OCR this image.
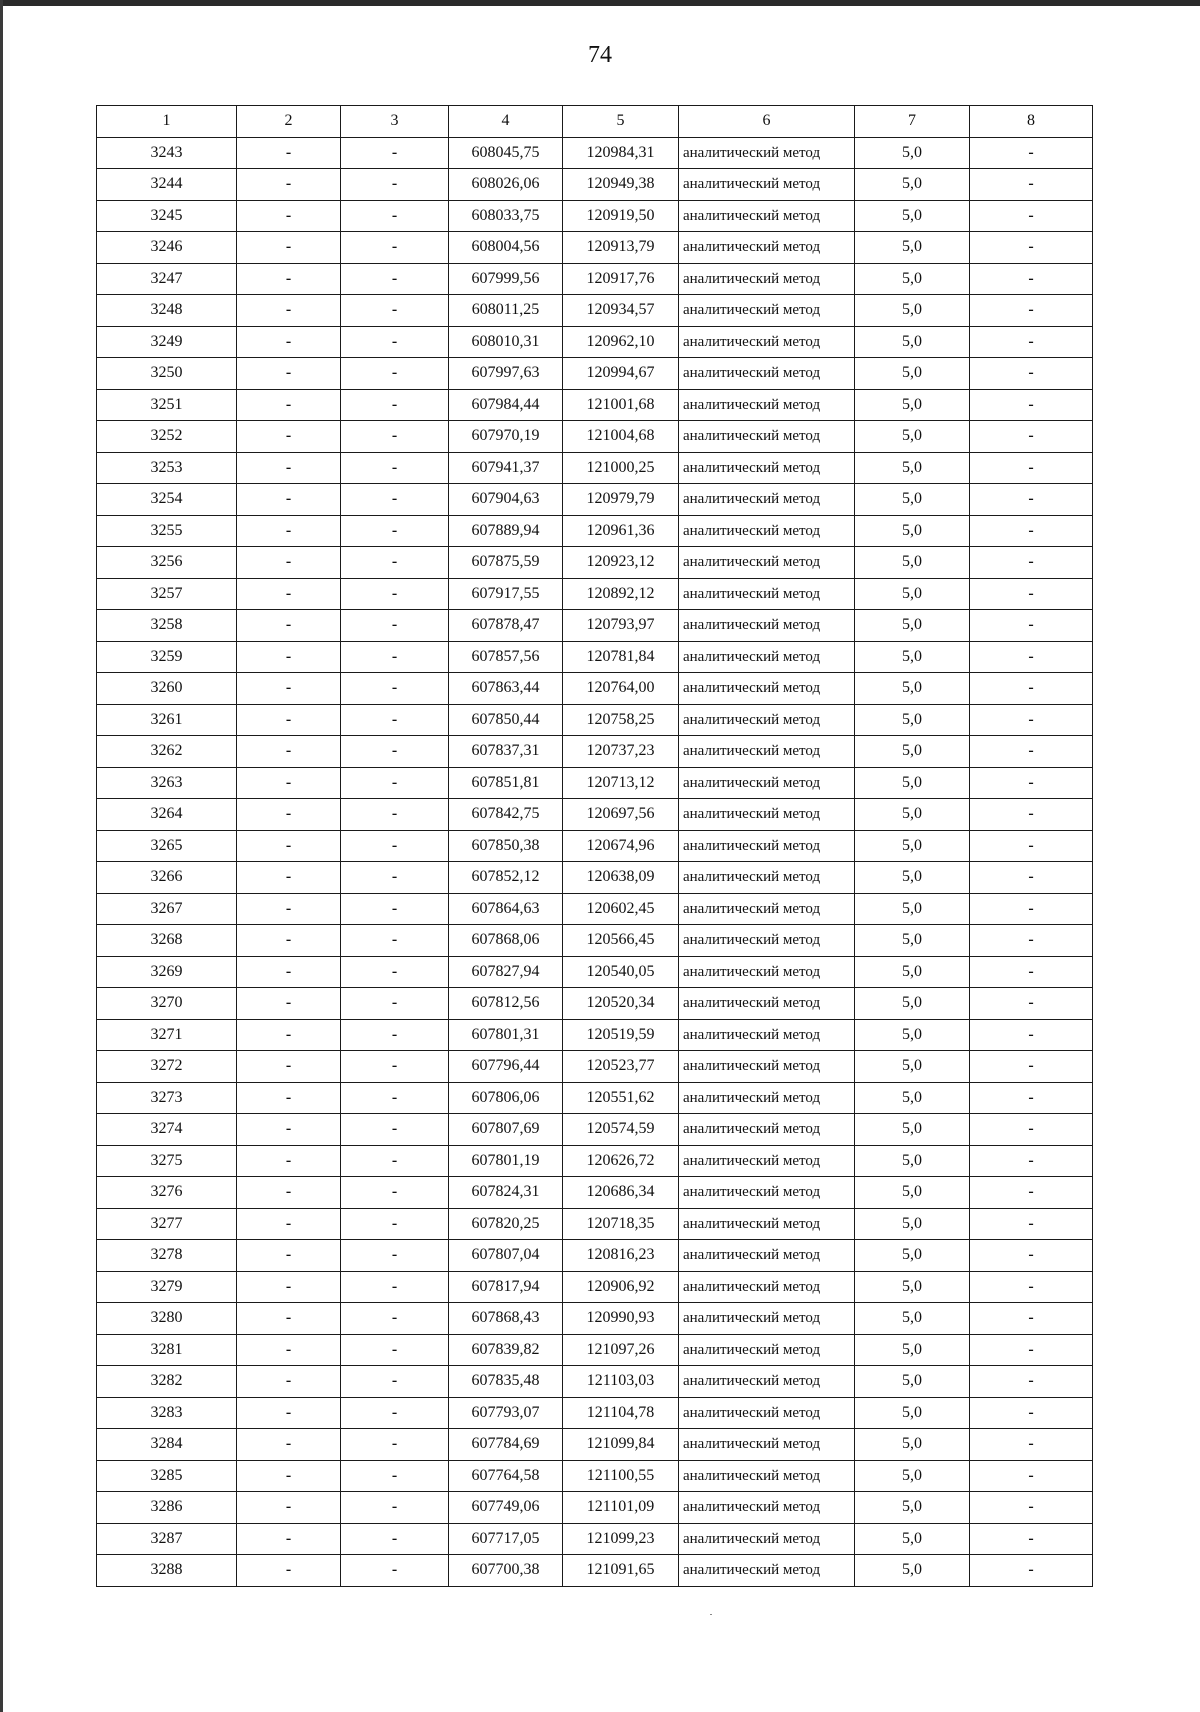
74
1	2	3	4	5	6	7	8
3243	-	-	608045,75	120984,31	аналитический метод	5,0	-
3244	-	-	608026,06	120949,38	аналитический метод	5,0	-
3245	-	-	608033,75	120919,50	аналитический метод	5,0	-
3246	-	-	608004,56	120913,79	аналитический метод	5,0	-
3247	-	-	607999,56	120917,76	аналитический метод	5,0	-
3248	-	-	608011,25	120934,57	аналитический метод	5,0	-
3249	-	-	608010,31	120962,10	аналитический метод	5,0	-
3250	-	-	607997,63	120994,67	аналитический метод	5,0	-
3251	-	-	607984,44	121001,68	аналитический метод	5,0	-
3252	-	-	607970,19	121004,68	аналитический метод	5,0	-
3253	-	-	607941,37	121000,25	аналитический метод	5,0	-
3254	-	-	607904,63	120979,79	аналитический метод	5,0	-
3255	-	-	607889,94	120961,36	аналитический метод	5,0	-
3256	-	-	607875,59	120923,12	аналитический метод	5,0	-
3257	-	-	607917,55	120892,12	аналитический метод	5,0	-
3258	-	-	607878,47	120793,97	аналитический метод	5,0	-
3259	-	-	607857,56	120781,84	аналитический метод	5,0	-
3260	-	-	607863,44	120764,00	аналитический метод	5,0	-
3261	-	-	607850,44	120758,25	аналитический метод	5,0	-
3262	-	-	607837,31	120737,23	аналитический метод	5,0	-
3263	-	-	607851,81	120713,12	аналитический метод	5,0	-
3264	-	-	607842,75	120697,56	аналитический метод	5,0	-
3265	-	-	607850,38	120674,96	аналитический метод	5,0	-
3266	-	-	607852,12	120638,09	аналитический метод	5,0	-
3267	-	-	607864,63	120602,45	аналитический метод	5,0	-
3268	-	-	607868,06	120566,45	аналитический метод	5,0	-
3269	-	-	607827,94	120540,05	аналитический метод	5,0	-
3270	-	-	607812,56	120520,34	аналитический метод	5,0	-
3271	-	-	607801,31	120519,59	аналитический метод	5,0	-
3272	-	-	607796,44	120523,77	аналитический метод	5,0	-
3273	-	-	607806,06	120551,62	аналитический метод	5,0	-
3274	-	-	607807,69	120574,59	аналитический метод	5,0	-
3275	-	-	607801,19	120626,72	аналитический метод	5,0	-
3276	-	-	607824,31	120686,34	аналитический метод	5,0	-
3277	-	-	607820,25	120718,35	аналитический метод	5,0	-
3278	-	-	607807,04	120816,23	аналитический метод	5,0	-
3279	-	-	607817,94	120906,92	аналитический метод	5,0	-
3280	-	-	607868,43	120990,93	аналитический метод	5,0	-
3281	-	-	607839,82	121097,26	аналитический метод	5,0	-
3282	-	-	607835,48	121103,03	аналитический метод	5,0	-
3283	-	-	607793,07	121104,78	аналитический метод	5,0	-
3284	-	-	607784,69	121099,84	аналитический метод	5,0	-
3285	-	-	607764,58	121100,55	аналитический метод	5,0	-
3286	-	-	607749,06	121101,09	аналитический метод	5,0	-
3287	-	-	607717,05	121099,23	аналитический метод	5,0	-
3288	-	-	607700,38	121091,65	аналитический метод	5,0	-
